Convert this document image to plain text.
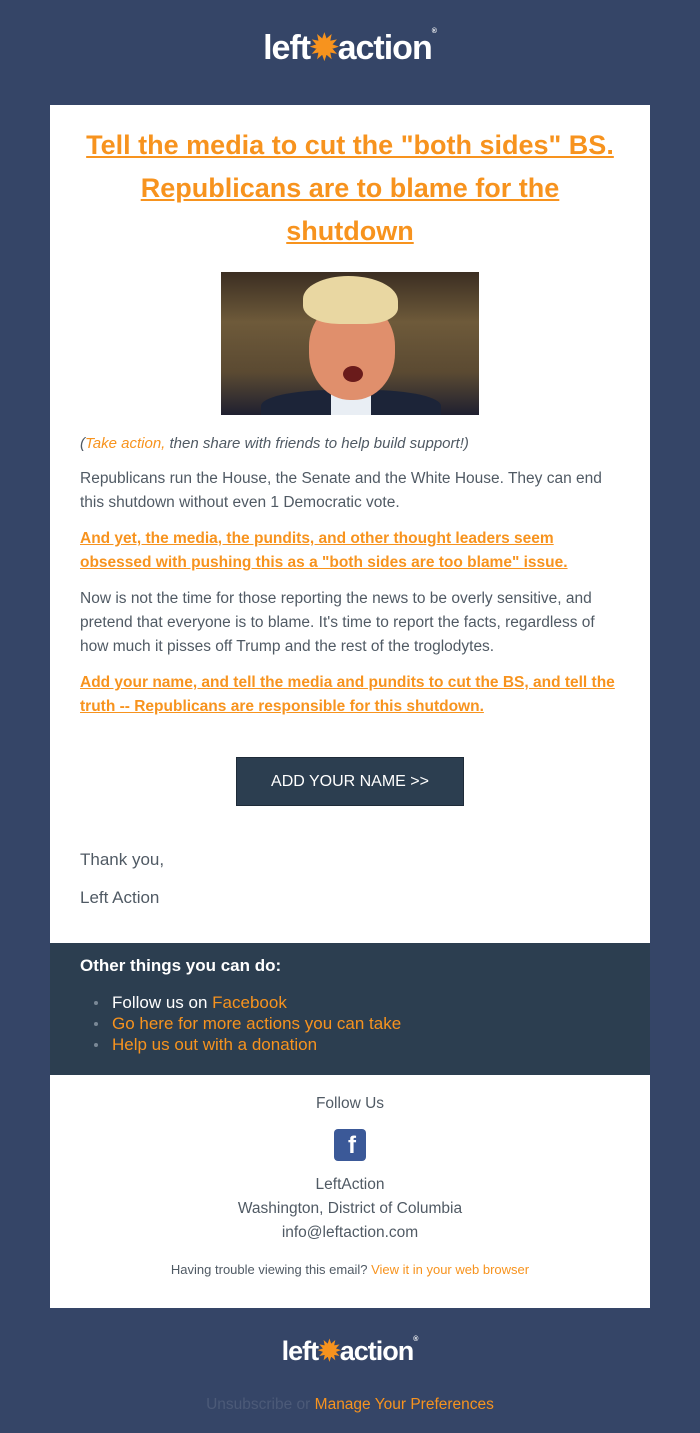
left✹action®
Tell the media to cut the "both sides" BS. Republicans are to blame for the shutdown

(Take action, then share with friends to help build support!)

Republicans run the House, the Senate and the White House. They can end this shutdown without even 1 Democratic vote.

And yet, the media, the pundits, and other thought leaders seem obsessed with pushing this as a "both sides are too blame" issue.

Now is not the time for those reporting the news to be overly sensitive, and pretend that everyone is to blame. It's time to report the facts, regardless of how much it pisses off Trump and the rest of the troglodytes.

Add your name, and tell the media and pundits to cut the BS, and tell the truth -- Republicans are responsible for this shutdown.

ADD YOUR NAME >>

Thank you,

Left Action

Other things you can do:
Follow us on Facebook
Go here for more actions you can take
Help us out with a donation
Follow Us
f
LeftAction
Washington, District of Columbia
info@leftaction.com
Having trouble viewing this email? View it in your web browser
left✹action®
Unsubscribe or Manage Your Preferences
